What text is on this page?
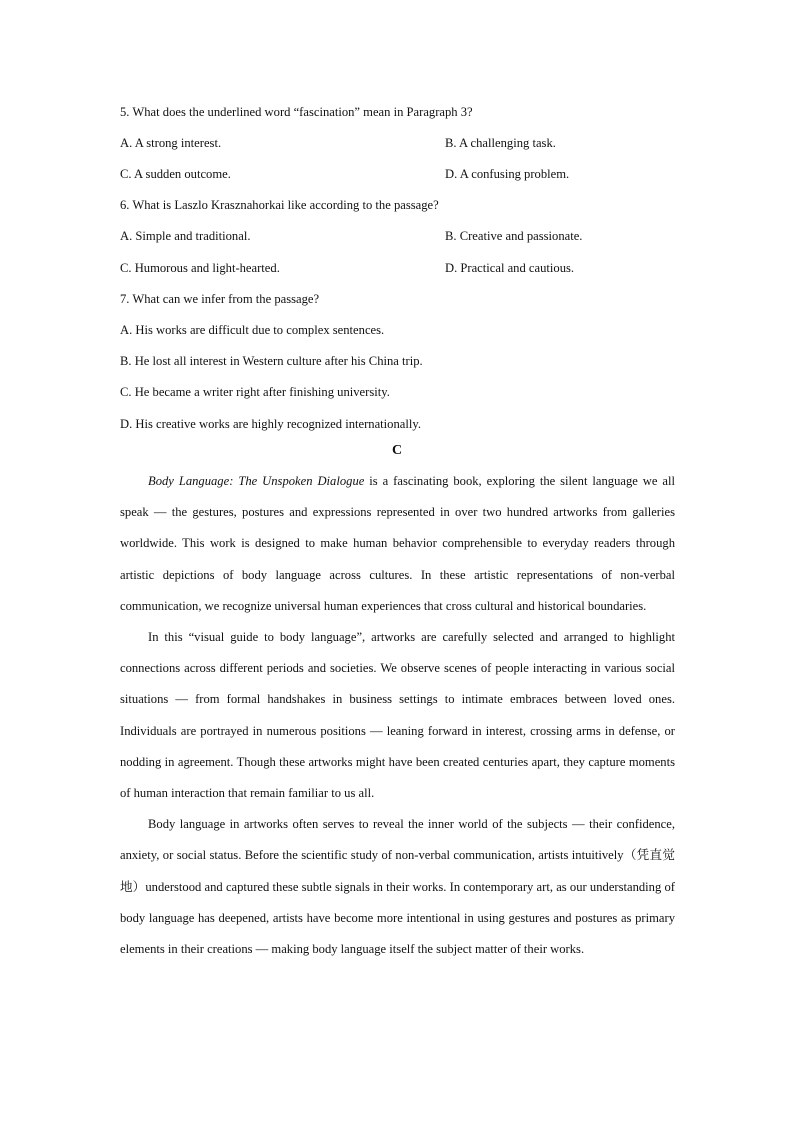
5. What does the underlined word “fascination” mean in Paragraph 3?
A. A strong interest.	B. A challenging task.
C. A sudden outcome.	D. A confusing problem.
6. What is Laszlo Krasznahorkai like according to the passage?
A. Simple and traditional.	B. Creative and passionate.
C. Humorous and light-hearted.	D. Practical and cautious.
7. What can we infer from the passage?
A. His works are difficult due to complex sentences.
B. He lost all interest in Western culture after his China trip.
C. He became a writer right after finishing university.
D. His creative works are highly recognized internationally.
C

Body Language: The Unspoken Dialogue is a fascinating book, exploring the silent language we all speak — the gestures, postures and expressions represented in over two hundred artworks from galleries worldwide. This work is designed to make human behavior comprehensible to everyday readers through artistic depictions of body language across cultures. In these artistic representations of non-verbal communication, we recognize universal human experiences that cross cultural and historical boundaries.

In this “visual guide to body language”, artworks are carefully selected and arranged to highlight connections across different periods and societies. We observe scenes of people interacting in various social situations — from formal handshakes in business settings to intimate embraces between loved ones. Individuals are portrayed in numerous positions — leaning forward in interest, crossing arms in defense, or nodding in agreement. Though these artworks might have been created centuries apart, they capture moments of human interaction that remain familiar to us all.

Body language in artworks often serves to reveal the inner world of the subjects — their confidence, anxiety, or social status. Before the scientific study of non-verbal communication, artists intuitively（凭直觉地）understood and captured these subtle signals in their works. In contemporary art, as our understanding of body language has deepened, artists have become more intentional in using gestures and postures as primary elements in their creations — making body language itself the subject matter of their works.
